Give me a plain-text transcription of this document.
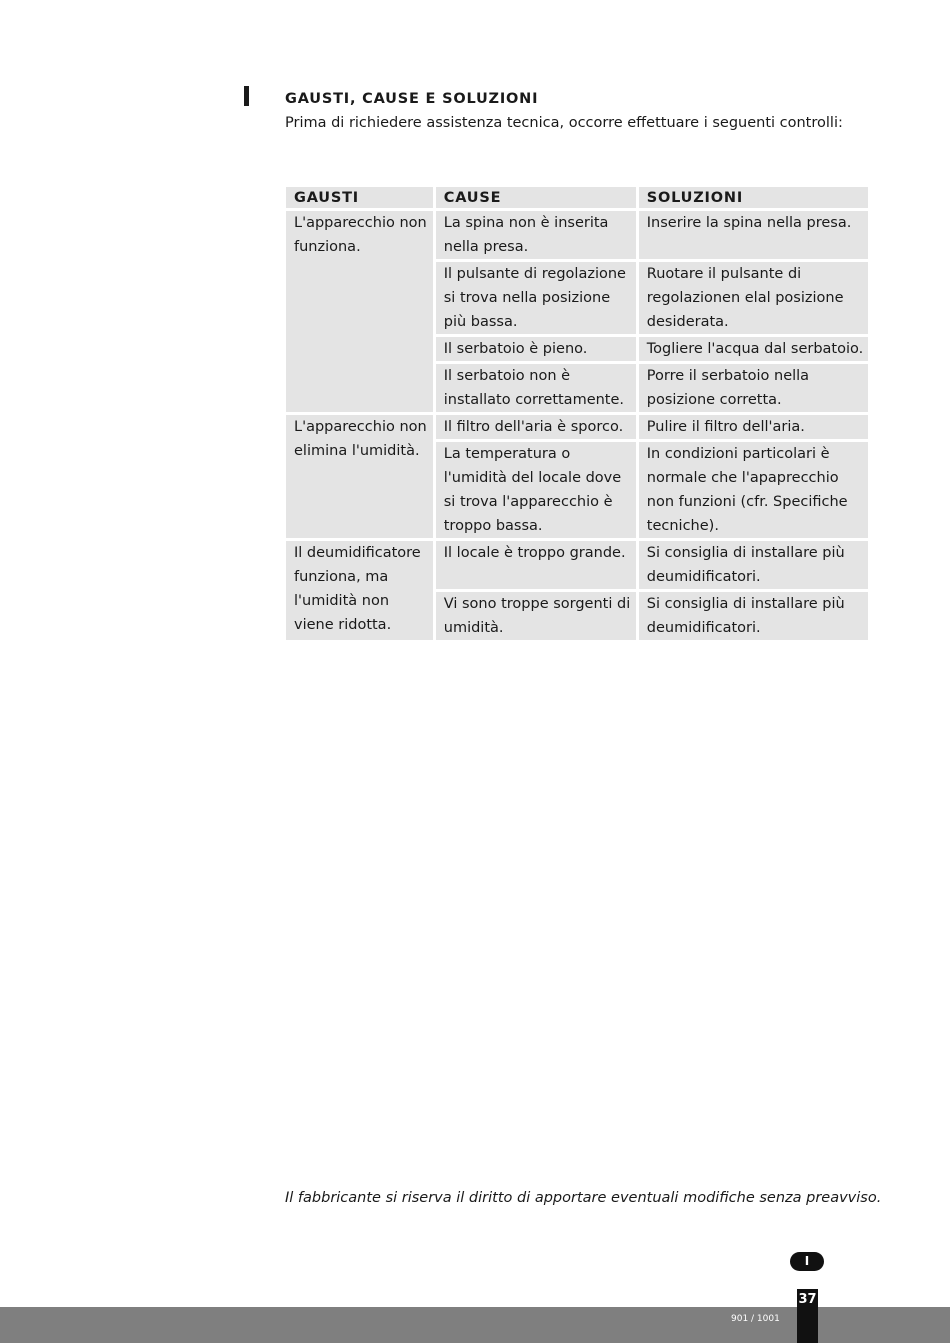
GAUSTI, CAUSE E SOLUZIONI

Prima di richiedere assistenza tecnica, occorre effettuare i seguenti controlli:

GAUSTI	CAUSE	SOLUZIONI
L'apparecchio non funziona.	La spina non è inserita nella presa.	Inserire la spina nella presa.
	Il pulsante di regolazione si trova nella posizione più bassa.	Ruotare il pulsante di regolazionen elal posizione desiderata.
	Il serbatoio è pieno.	Togliere l'acqua dal serbatoio.
	Il serbatoio non è installato correttamente.	Porre il serbatoio nella posizione corretta.
L'apparecchio non elimina l'umidità.	Il filtro dell'aria è sporco.	Pulire il filtro dell'aria.
	La temperatura o l'umidità del locale dove si trova l'apparecchio è troppo bassa.	In condizioni particolari è normale che l'apaprecchio non funzioni (cfr. Specifiche tecniche).
Il deumidificatore funziona, ma l'umidità non viene ridotta.	Il locale è troppo grande.	Si consiglia di installare più deumidificatori.
	Vi sono troppe sorgenti di umidità.	Si consiglia di installare più deumidificatori.

Il fabbricante si riserva il diritto di apportare eventuali modifiche senza preavviso.

I
901 / 1001
37
